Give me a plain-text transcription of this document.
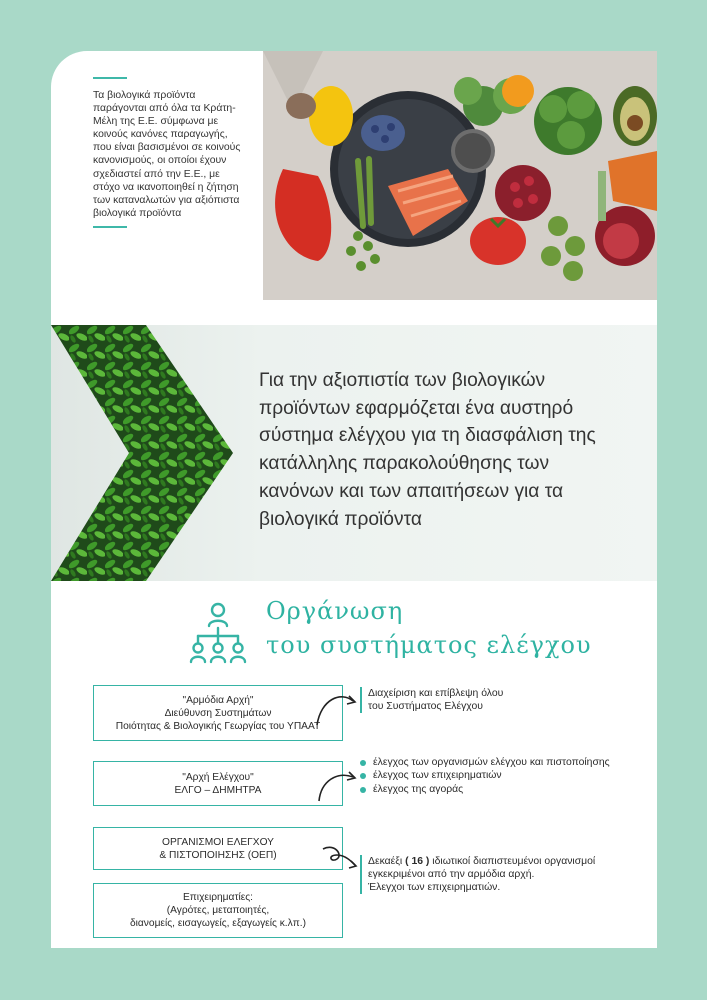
Τα βιολογικά προϊόντα παράγονται από όλα τα Κράτη-Μέλη της Ε.Ε. σύμφωνα με κοινούς κανόνες παραγωγής, που είναι βασισμένοι σε κοινούς κανονισμούς, οι οποίοι έχουν σχεδιαστεί από την Ε.Ε., με στόχο να ικανοποιηθεί η ζήτηση των καταναλωτών για αξιόπιστα βιολογικά προϊόντα

Για την αξιοπιστία των βιολογικών προϊόντων εφαρμόζεται ένα αυστηρό σύστημα ελέγχου για τη διασφάλιση της κατάλληλης παρακολούθησης των κανόνων και των απαιτήσεων για τα βιολογικά προϊόντα

Οργάνωση
του συστήματος ελέγχου
"Αρμόδια Αρχή"
Διεύθυνση Συστημάτων
Ποιότητας & Βιολογικής Γεωργίας του ΥΠΑΑΤ
"Αρχή Ελέγχου"
ΕΛΓΟ – ΔΗΜΗΤΡΑ
ΟΡΓΑΝΙΣΜΟΙ ΕΛΕΓΧΟΥ
& ΠΙΣΤΟΠΟΙΗΣΗΣ (ΟΕΠ)
Επιχειρηματίες:
(Αγρότες, μεταποιητές,
διανομείς, εισαγωγείς, εξαγωγείς κ.λπ.)
Διαχείριση και επίβλεψη όλου
του Συστήματος Ελέγχου
έλεγχος των οργανισμών ελέγχου και πιστοποίησης
έλεγχος των επιχειρηματιών
έλεγχος της αγοράς
Δεκαέξι ( 16 ) ιδιωτικοί διαπιστευμένοι οργανισμοί
εγκεκριμένοι από την αρμόδια αρχή.
Έλεγχοι των επιχειρηματιών.
